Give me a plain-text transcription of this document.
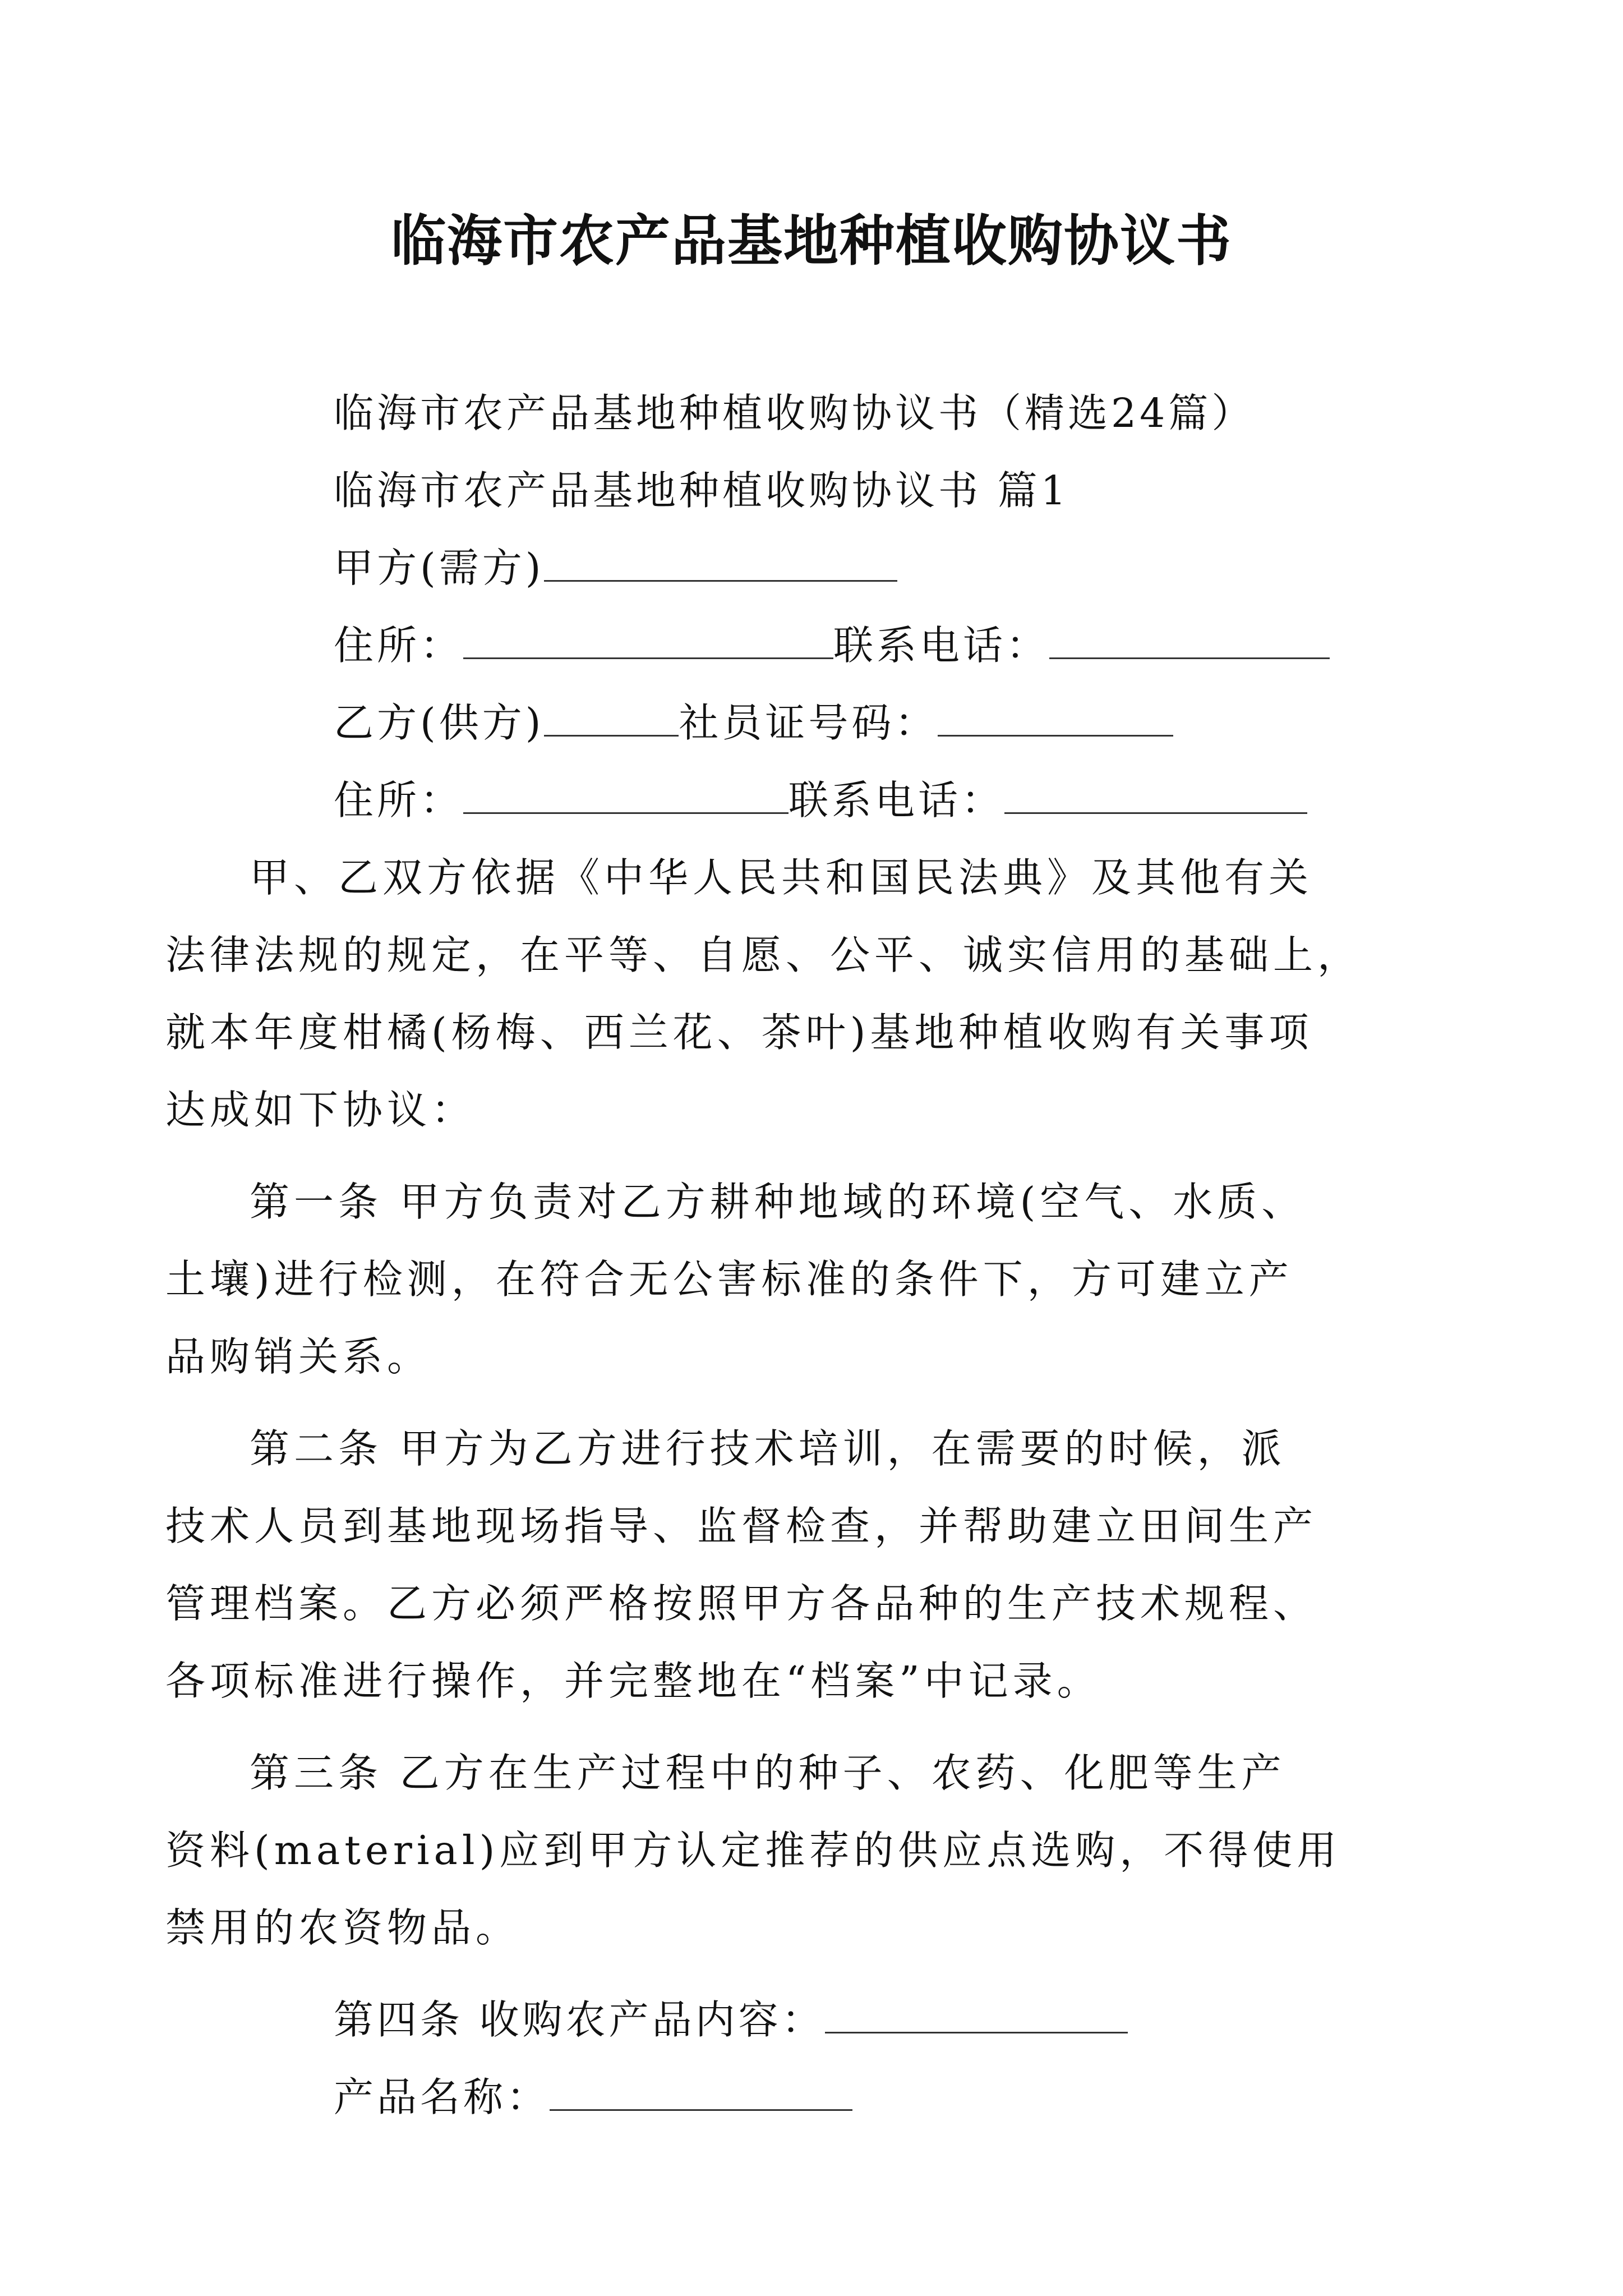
临海市农产品基地种植收购协议书
临海市农产品基地种植收购协议书（精选24篇）
临海市农产品基地种植收购协议书 篇1
甲方(需方)
住所：	联系电话：
乙方(供方)	社员证号码：
住所：	联系电话：
甲、乙双方依据《中华人民共和国民法典》及其他有关
法律法规的规定，在平等、自愿、公平、诚实信用的基础上，
就本年度柑橘(杨梅、西兰花、茶叶)基地种植收购有关事项
达成如下协议：
第一条 甲方负责对乙方耕种地域的环境(空气、水质、
土壤)进行检测，在符合无公害标准的条件下，方可建立产
品购销关系。
第二条 甲方为乙方进行技术培训，在需要的时候，派
技术人员到基地现场指导、监督检查，并帮助建立田间生产
管理档案。乙方必须严格按照甲方各品种的生产技术规程、
各项标准进行操作，并完整地在“档案”中记录。
第三条 乙方在生产过程中的种子、农药、化肥等生产
资料(material)应到甲方认定推荐的供应点选购，不得使用
禁用的农资物品。
第四条 收购农产品内容：
产品名称：
